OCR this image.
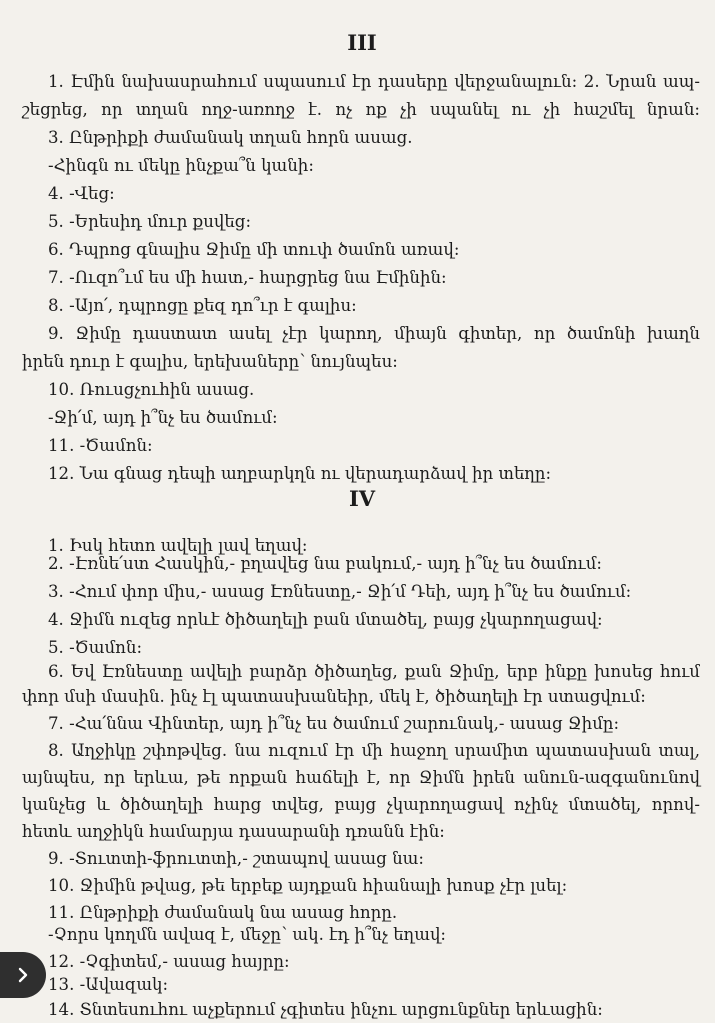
III
1. Էմին նախասրահում սպասում էր դասերը վերջանալուն: 2. Նրան ապ-
շեցրեց, որ տղան ողջ-առողջ է. ոչ ոք չի սպանել ու չի հաշմել նրան:
3. Ընթրիքի ժամանակ տղան հորն ասաց.
-Հինգն ու մեկը ինչքա՞ն կանի:
4. -Վեց:
5. -Երեսիդ մուր քսվեց:
6. Դպրոց գնալիս Ջիմը մի տուփ ծամոն առավ:
7. -Ուզո՞ւմ ես մի հատ,- հարցրեց նա Էմինին:
8. -Այո՛, դպրոցը քեզ դո՞ւր է գալիս:
9. Ջիմը դաստատ ասել չէր կարող, միայն գիտեր, որ ծամոնի խաղն
իրեն դուր է գալիս, երեխաները՝ նույնպես:
10. Ռուսցչուհին ասաց.
-Ջի՛մ, այդ ի՞նչ ես ծամում:
11. -Ծամոն:
12. Նա գնաց դեպի աղբարկղն ու վերադարձավ իր տեղը:
IV
1. Իսկ հետո ավելի լավ եղավ:
2. -Էռնե՛ստ Հասկին,- բղավեց նա բակում,- այդ ի՞նչ ես ծամում:
3. -Հում փոր միս,- ասաց Էռնեստը,- Ջի՛մ Դեի, այդ ի՞նչ ես ծամում:
4. Ջիմն ուզեց որևէ ծիծաղելի բան մտածել, բայց չկարողացավ:
5. -Ծամոն:
6. Եվ Էռնեստը ավելի բարձր ծիծաղեց, քան Ջիմը, երբ ինքը խոսեց հում
փոր մսի մասին. ինչ էլ պատասխանեիր, մեկ է, ծիծաղելի էր ստացվում:
7. -Հա՛ննա Վինտեր, այդ ի՞նչ ես ծամում շարունակ,- ասաց Ջիմը:
8. Աղջիկը շփոթվեց. նա ուզում էր մի հաջող սրամիտ պատասխան տալ,
այնպես, որ երևա, թե որքան հաճելի է, որ Ջիմն իրեն անուն-ազգանունով
կանչեց և ծիծաղելի հարց տվեց, բայց չկարողացավ ոչինչ մտածել, որով-
հետև աղջիկն համարյա դասարանի դռանն էին:
9. -Տուտտի-ֆրուտտի,- շտապով ասաց նա:
10. Ջիմին թվաց, թե երբեք այդքան հիանալի խոսք չէր լսել:
11. Ընթրիքի ժամանակ նա ասաց հորը.
-Չորս կողմն ավազ է, մեջը՝ ակ. էդ ի՞նչ եղավ:
12. -Չգիտեմ,- ասաց հայրը:
13. -Ավազակ:
14. Տնտեսուհու աչքերում չգիտես ինչու արցունքներ երևացին:
